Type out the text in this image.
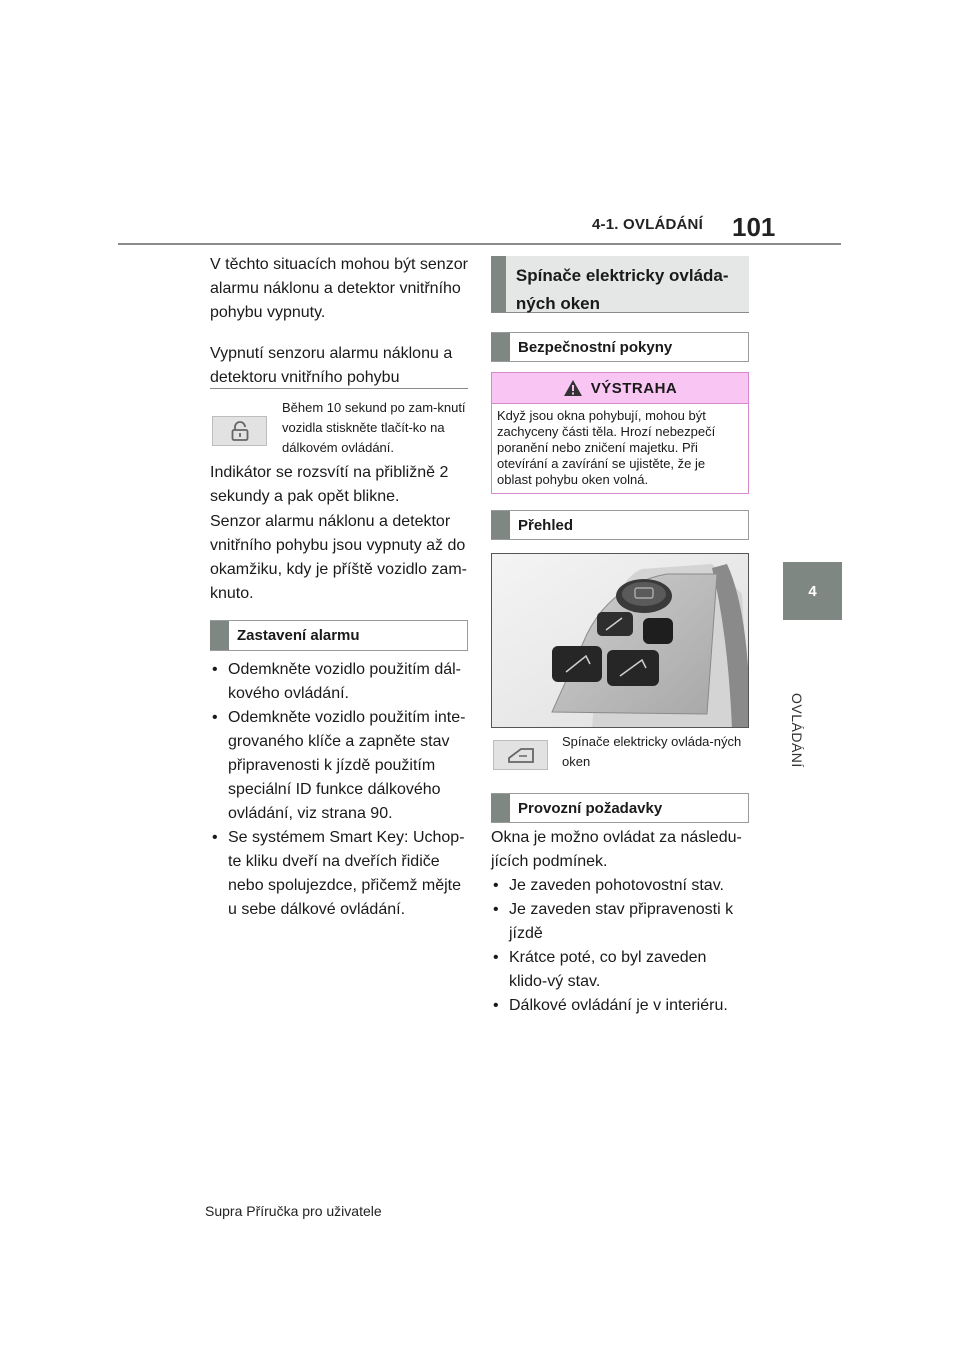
4-1. OVLÁDÁNÍ 101
4
OVLÁDÁNÍ

V těchto situacích mohou být senzor alarmu náklonu a detektor vnitřního pohybu vypnuty.

Vypnutí senzoru alarmu náklonu a detektoru vnitřního pohybu

Během 10 sekund po zam-knutí vozidla stiskněte tlačít-ko na dálkovém ovládání.

Indikátor se rozsvítí na přibližně 2 sekundy a pak opět blikne.

Senzor alarmu náklonu a detektor vnitřního pohybu jsou vypnuty až do okamžiku, kdy je příště vozidlo zam-knuto.

Zastavení alarmu
• Odemkněte vozidlo použitím dál-kového ovládání.
• Odemkněte vozidlo použitím inte-grovaného klíče a zapněte stav připravenosti k jízdě použitím speciální ID funkce dálkového ovládání, viz strana 90.
• Se systémem Smart Key: Uchop-te kliku dveří na dveřích řidiče nebo spolujezdce, přičemž mějte u sebe dálkové ovládání.
Spínače elektricky ovláda-ných oken
Bezpečnostní pokyny
VÝSTRAHA
Když jsou okna pohybují, mohou být zachyceny části těla. Hrozí nebezpečí poranění nebo zničení majetku. Při otevírání a zavírání se ujistěte, že je oblast pohybu oken volná.
Přehled
Spínače elektricky ovláda-ných oken
Provozní požadavky

Okna je možno ovládat za následu-jících podmínek.

• Je zaveden pohotovostní stav.
• Je zaveden stav připravenosti k jízdě
• Krátce poté, co byl zaveden klido-vý stav.
• Dálkové ovládání je v interiéru.
Supra Příručka pro uživatele
